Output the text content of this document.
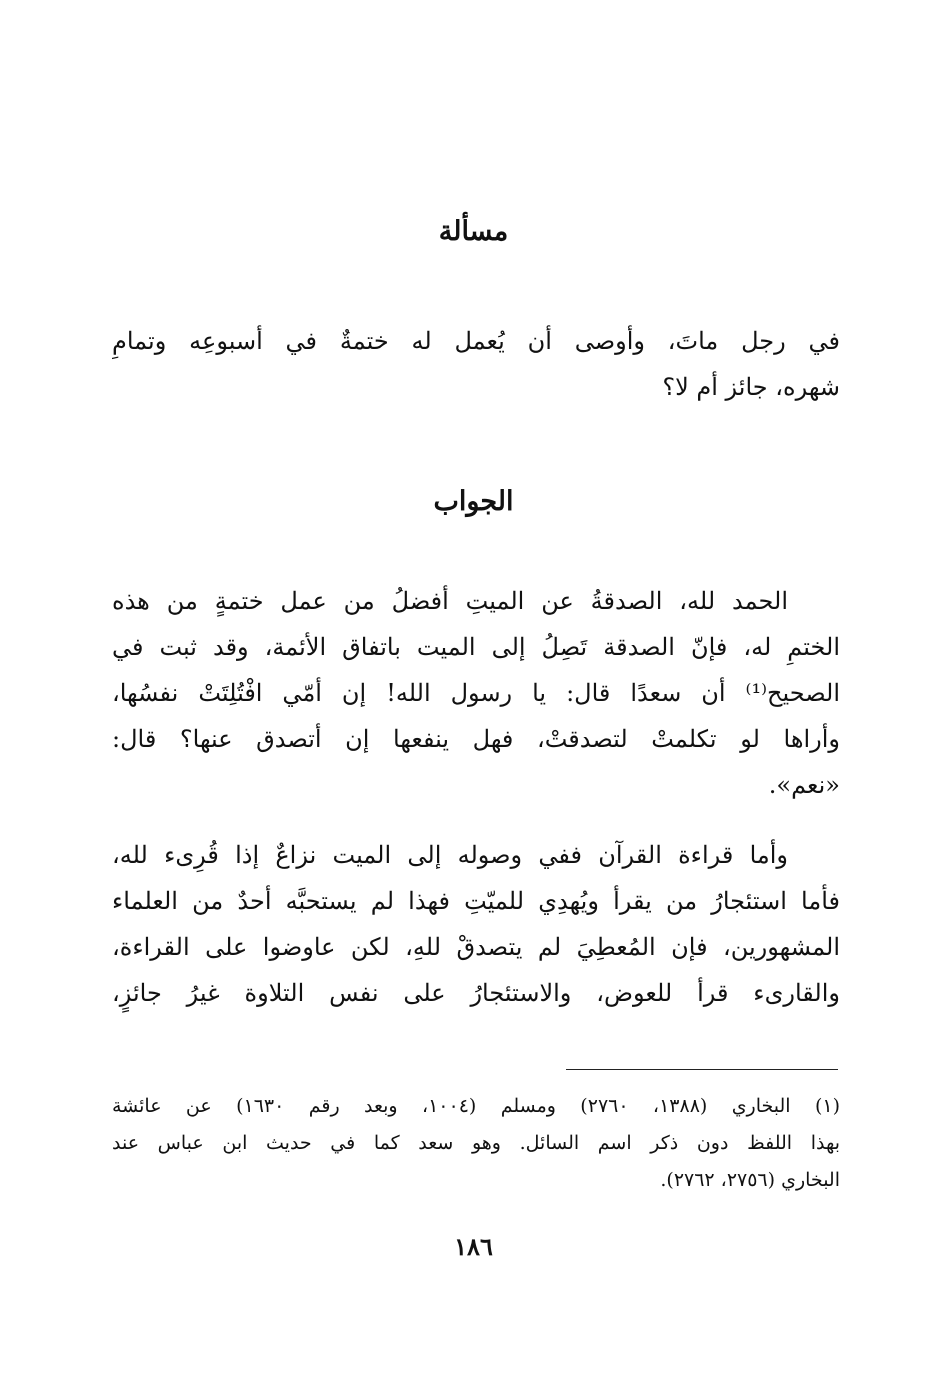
مسألة
في رجل ماتَ، وأوصى أن يُعمل له ختمةٌ في أسبوعِه وتمامِ
شهره، جائز أم لا؟
الجواب
الحمد لله، الصدقةُ عن الميتِ أفضلُ من عمل ختمةٍ من هذه
الختمِ له، فإنّ الصدقة تَصِلُ إلى الميت باتفاق الأئمة، وقد ثبت في
الصحيح⁽¹⁾ أن سعدًا قال: يا رسول الله! إن أمّي افْتُلِتَتْ نفسُها،
وأراها لو تكلمتْ لتصدقتْ، فهل ينفعها إن أتصدق عنها؟ قال:
«نعم».
وأما قراءة القرآن ففي وصوله إلى الميت نزاعٌ إذا قُرِىء لله،
فأما استئجارُ من يقرأ ويُهدِي للميّتِ فهذا لم يستحبَّه أحدٌ من العلماء
المشهورين، فإن المُعطِيَ لم يتصدقْ للهِ، لكن عاوضوا على القراءة،
والقارىء قرأ للعوض، والاستئجارُ على نفس التلاوة غيرُ جائزٍ،
(١) البخاري (١٣٨٨، ٢٧٦٠) ومسلم (١٠٠٤، وبعد رقم ١٦٣٠) عن عائشة
بهذا اللفظ دون ذكر اسم السائل. وهو سعد كما في حديث ابن عباس عند
البخاري (٢٧٥٦، ٢٧٦٢).
١٨٦
